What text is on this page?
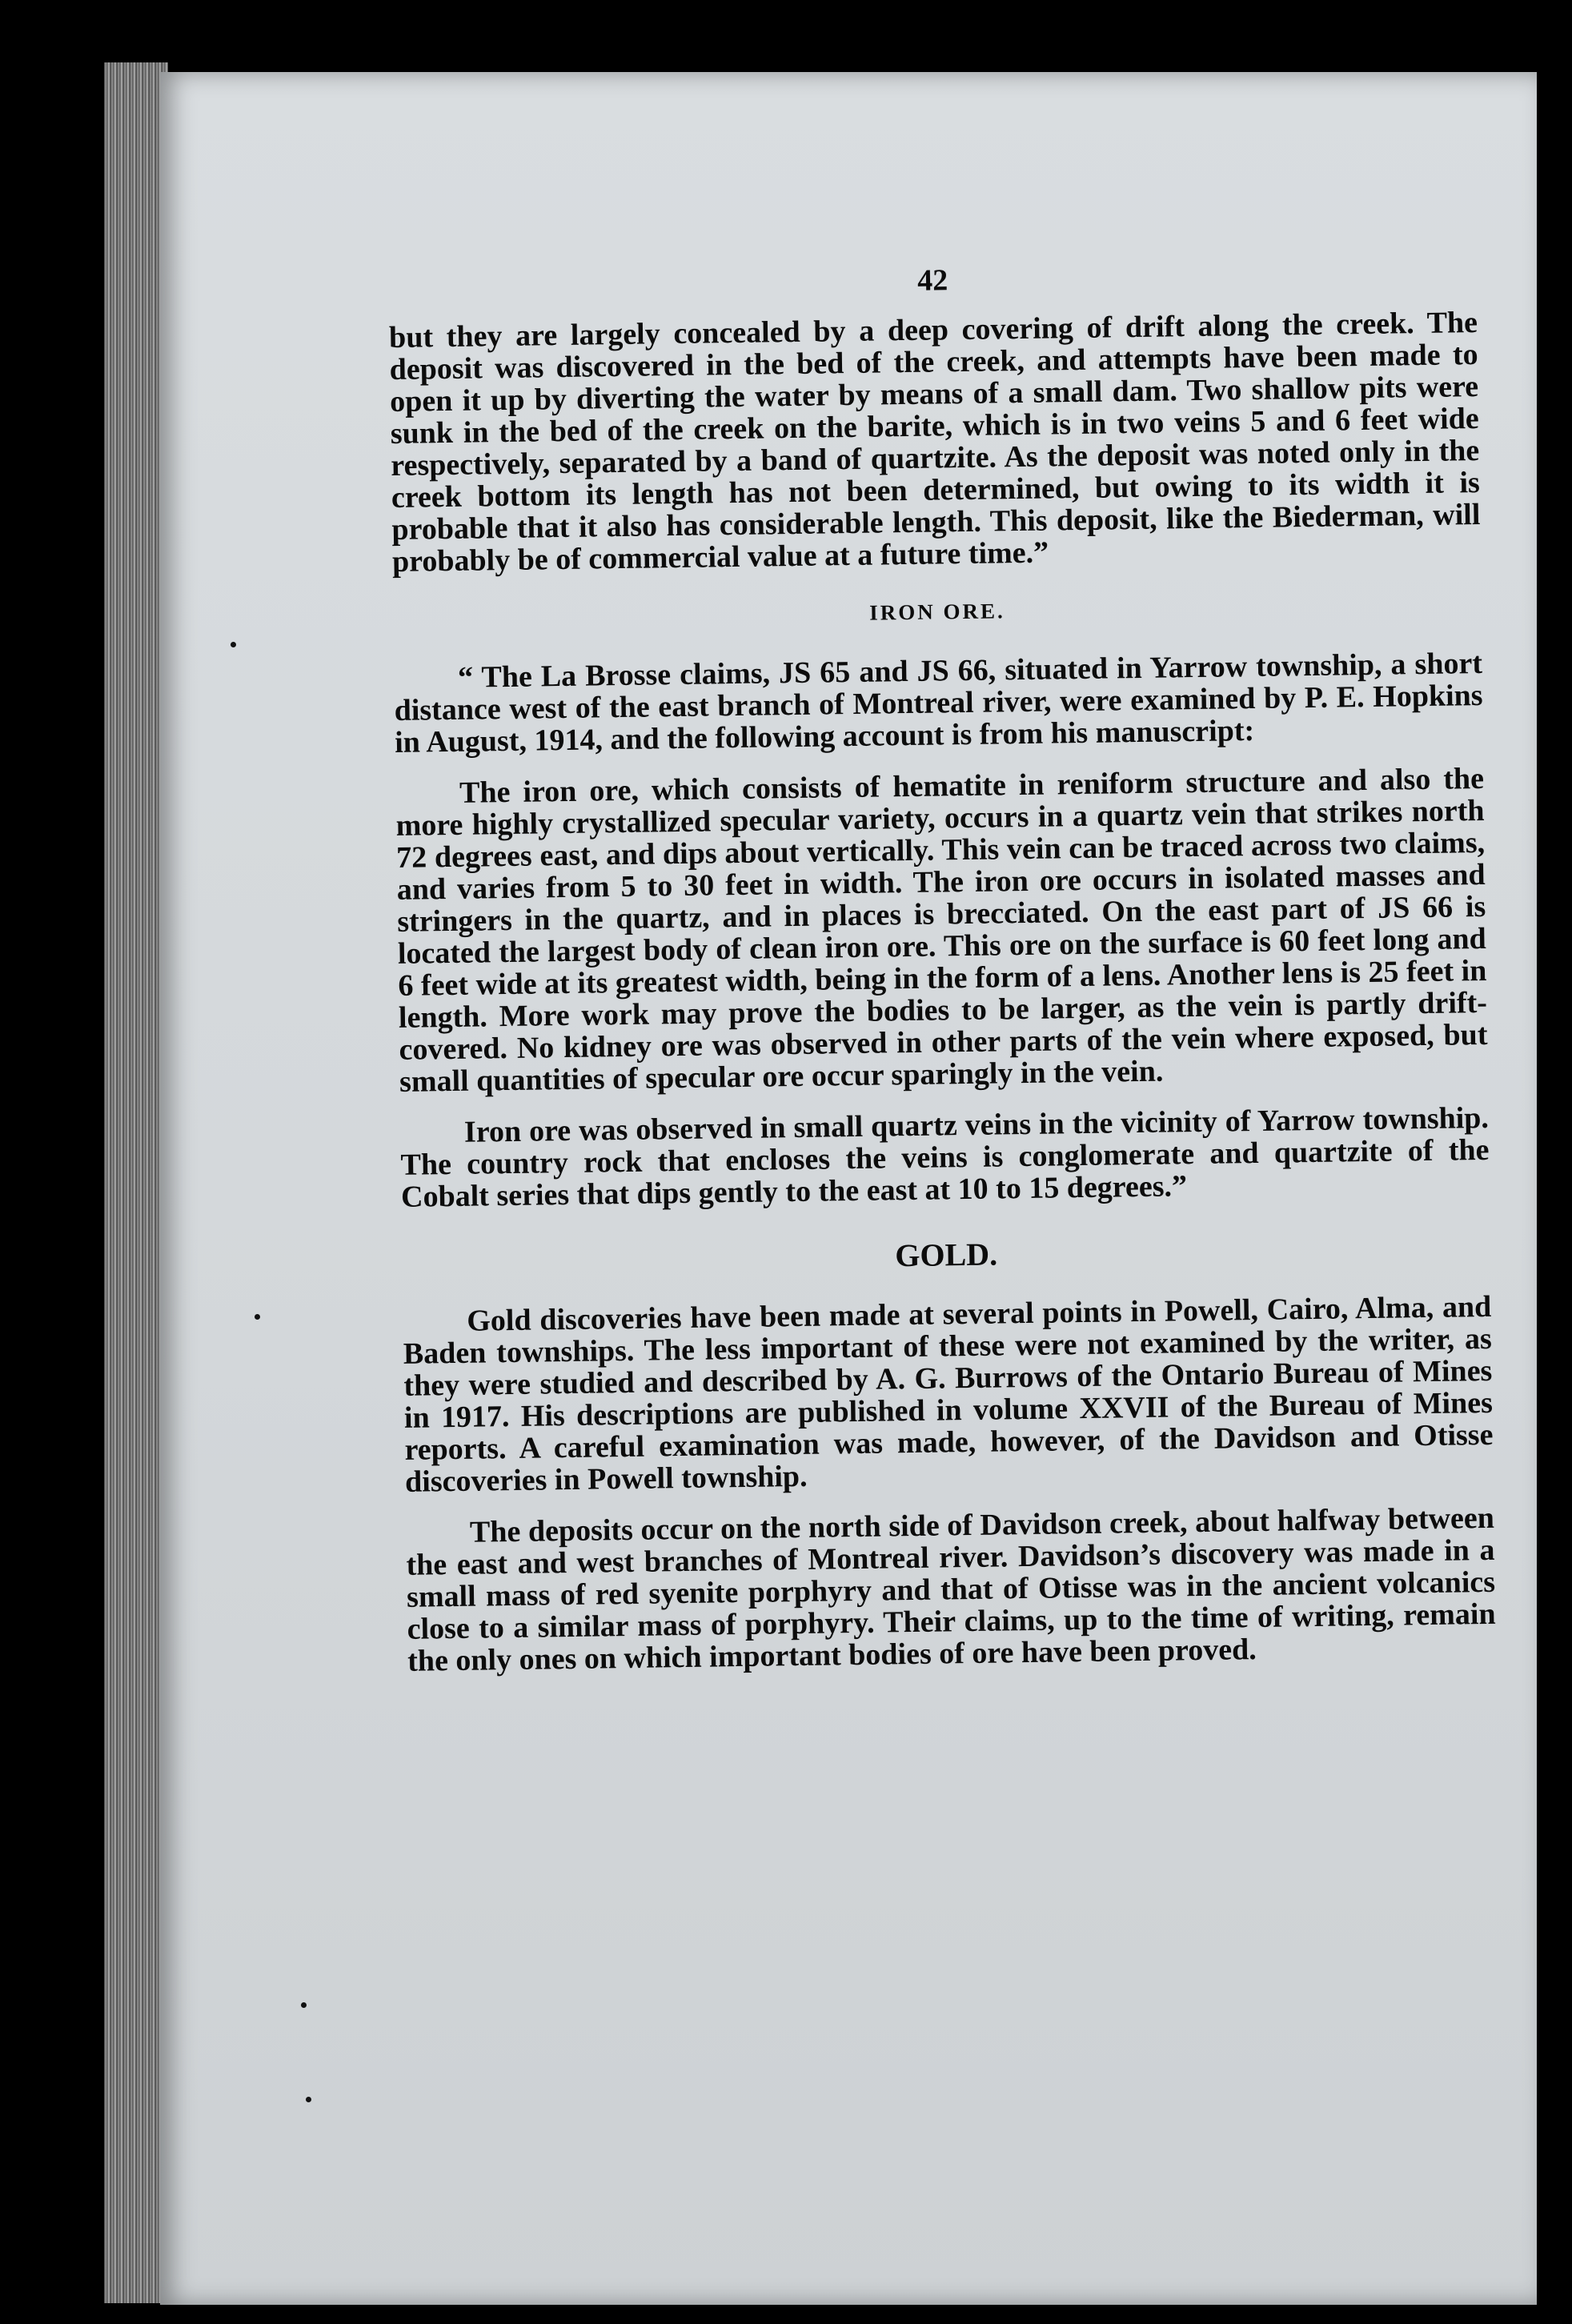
42

but they are largely concealed by a deep covering of drift along the creek. The deposit was discovered in the bed of the creek, and attempts have been made to open it up by diverting the water by means of a small dam. Two shallow pits were sunk in the bed of the creek on the barite, which is in two veins 5 and 6 feet wide respectively, separated by a band of quartzite. As the deposit was noted only in the creek bottom its length has not been determined, but owing to its width it is probable that it also has considerable length. This deposit, like the Biederman, will probably be of commercial value at a future time.”

IRON ORE.

“ The La Brosse claims, JS 65 and JS 66, situated in Yarrow township, a short distance west of the east branch of Montreal river, were examined by P. E. Hopkins in August, 1914, and the following account is from his manuscript:

The iron ore, which consists of hematite in reniform structure and also the more highly crystallized specular variety, occurs in a quartz vein that strikes north 72 degrees east, and dips about vertically. This vein can be traced across two claims, and varies from 5 to 30 feet in width. The iron ore occurs in isolated masses and stringers in the quartz, and in places is brecciated. On the east part of JS 66 is located the largest body of clean iron ore. This ore on the surface is 60 feet long and 6 feet wide at its greatest width, being in the form of a lens. Another lens is 25 feet in length. More work may prove the bodies to be larger, as the vein is partly drift-covered. No kidney ore was observed in other parts of the vein where exposed, but small quantities of specular ore occur sparingly in the vein.

Iron ore was observed in small quartz veins in the vicinity of Yarrow township. The country rock that encloses the veins is conglomerate and quartzite of the Cobalt series that dips gently to the east at 10 to 15 degrees.”

GOLD.

Gold discoveries have been made at several points in Powell, Cairo, Alma, and Baden townships. The less important of these were not examined by the writer, as they were studied and described by A. G. Burrows of the Ontario Bureau of Mines in 1917. His descriptions are published in volume XXVII of the Bureau of Mines reports. A careful examination was made, however, of the Davidson and Otisse discoveries in Powell township.

The deposits occur on the north side of Davidson creek, about halfway between the east and west branches of Montreal river. Davidson’s discovery was made in a small mass of red syenite porphyry and that of Otisse was in the ancient volcanics close to a similar mass of porphyry. Their claims, up to the time of writing, remain the only ones on which important bodies of ore have been proved.
